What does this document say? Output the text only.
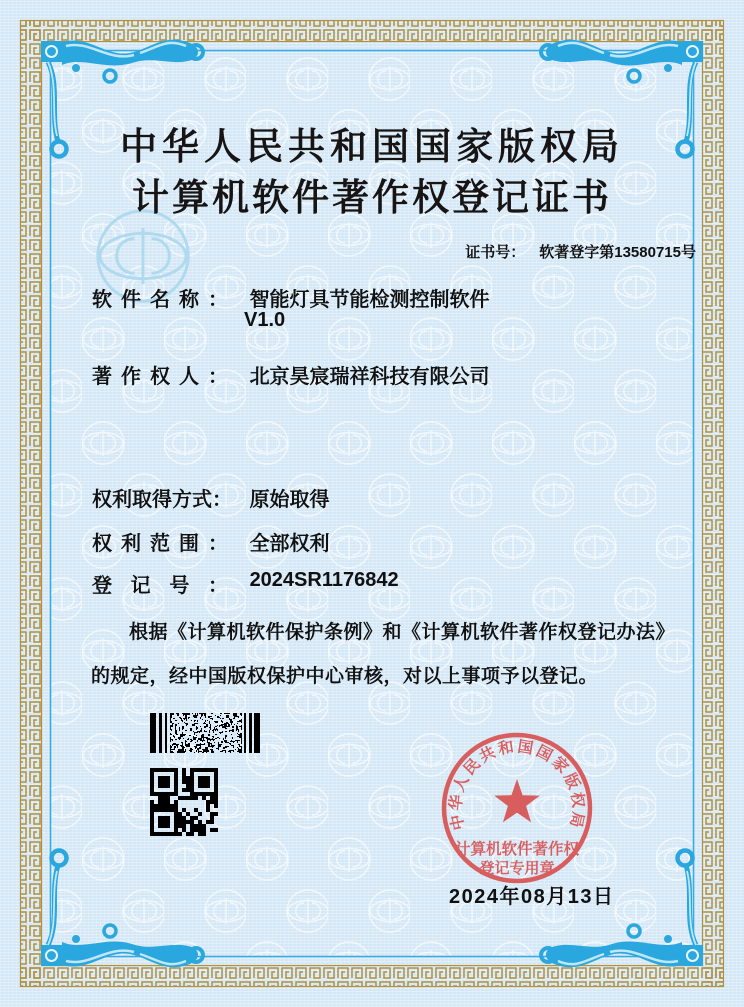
中华人民共和国国家版权局
计算机软件著作权登记证书
证书号： 软著登字第13580715号
软件名称： 智能灯具节能检测控制软件
V1.0
著作权人： 北京昊宸瑞祥科技有限公司
权利取得方式： 原始取得
权利范围： 全部权利
登记号： 2024SR1176842
根据《计算机软件保护条例》和《计算机软件著作权登记办法》的规定，经中国版权保护中心审核，对以上事项予以登记。
中华人民共和国国家版权局
计算机软件著作权
登记专用章
2024年08月13日
